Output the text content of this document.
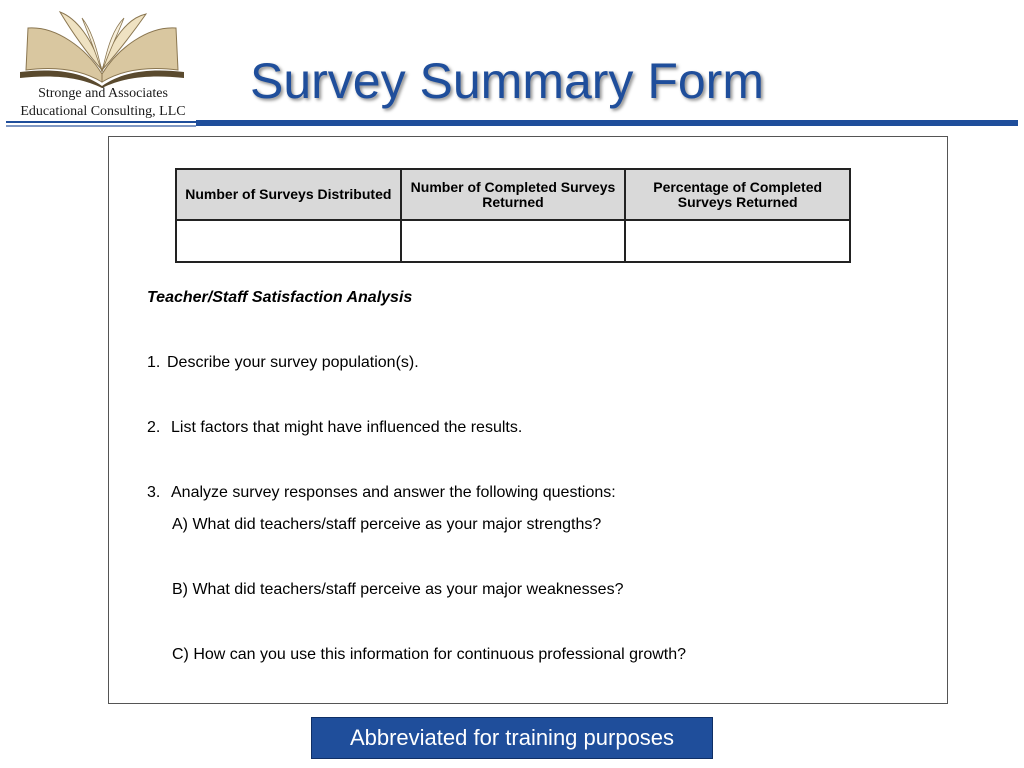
Stronge and Associates
Educational Consulting, LLC
Survey Summary Form
Number of Surveys Distributed	Number of Completed Surveys Returned	Percentage of Completed Surveys Returned

Teacher/Staff Satisfaction Analysis
1. Describe your survey population(s).
2. List factors that might have influenced the results.
3. Analyze survey responses and answer the following questions:
A) What did teachers/staff perceive as your major strengths?
B) What did teachers/staff perceive as your major weaknesses?
C) How can you use this information for continuous professional growth?
Abbreviated for training purposes
